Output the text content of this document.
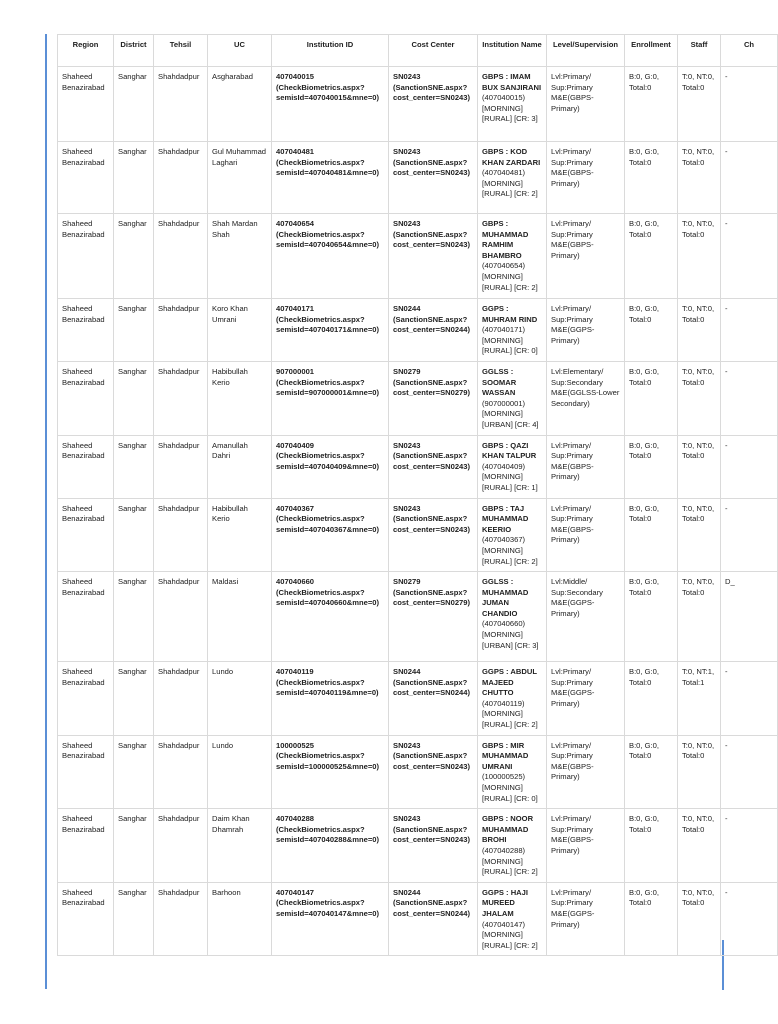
Region	District	Tehsil	UC	Institution ID	Cost Center	Institution Name	Level/Supervision	Enrollment	Staff	Ch
Shaheed Benazirabad	Sanghar	Shahdadpur	Asgharabad	407040015 (CheckBiometrics.aspx?semisId=407040015&mne=0)	SN0243 (SanctionSNE.aspx?cost_center=SN0243)	GBPS : IMAM BUX SANJIRANI (407040015) [MORNING] [RURAL] [CR: 3]	Lvl:Primary/ Sup:Primary M&E(GBPS-Primary)	B:0, G:0, Total:0	T:0, NT:0, Total:0	-
Shaheed Benazirabad	Sanghar	Shahdadpur	Gul Muhammad Laghari	407040481 (CheckBiometrics.aspx?semisId=407040481&mne=0)	SN0243 (SanctionSNE.aspx?cost_center=SN0243)	GBPS : KOD KHAN ZARDARI (407040481) [MORNING] [RURAL] [CR: 2]	Lvl:Primary/ Sup:Primary M&E(GBPS-Primary)	B:0, G:0, Total:0	T:0, NT:0, Total:0	-
Shaheed Benazirabad	Sanghar	Shahdadpur	Shah Mardan Shah	407040654 (CheckBiometrics.aspx?semisId=407040654&mne=0)	SN0243 (SanctionSNE.aspx?cost_center=SN0243)	GBPS : MUHAMMAD RAMHIM BHAMBRO (407040654) [MORNING] [RURAL] [CR: 2]	Lvl:Primary/ Sup:Primary M&E(GBPS-Primary)	B:0, G:0, Total:0	T:0, NT:0, Total:0	-
Shaheed Benazirabad	Sanghar	Shahdadpur	Koro Khan Umrani	407040171 (CheckBiometrics.aspx?semisId=407040171&mne=0)	SN0244 (SanctionSNE.aspx?cost_center=SN0244)	GGPS : MUHRAM RIND (407040171) [MORNING] [RURAL] [CR: 0]	Lvl:Primary/ Sup:Primary M&E(GGPS-Primary)	B:0, G:0, Total:0	T:0, NT:0, Total:0	-
Shaheed Benazirabad	Sanghar	Shahdadpur	Habibullah Kerio	907000001 (CheckBiometrics.aspx?semisId=907000001&mne=0)	SN0279 (SanctionSNE.aspx?cost_center=SN0279)	GGLSS : SOOMAR WASSAN (907000001) [MORNING] [URBAN] [CR: 4]	Lvl:Elementary/ Sup:Secondary M&E(GGLSS-Lower Secondary)	B:0, G:0, Total:0	T:0, NT:0, Total:0	-
Shaheed Benazirabad	Sanghar	Shahdadpur	Amanullah Dahri	407040409 (CheckBiometrics.aspx?semisId=407040409&mne=0)	SN0243 (SanctionSNE.aspx?cost_center=SN0243)	GBPS : QAZI KHAN TALPUR (407040409) [MORNING] [RURAL] [CR: 1]	Lvl:Primary/ Sup:Primary M&E(GBPS-Primary)	B:0, G:0, Total:0	T:0, NT:0, Total:0	-
Shaheed Benazirabad	Sanghar	Shahdadpur	Habibullah Kerio	407040367 (CheckBiometrics.aspx?semisId=407040367&mne=0)	SN0243 (SanctionSNE.aspx?cost_center=SN0243)	GBPS : TAJ MUHAMMAD KEERIO (407040367) [MORNING] [RURAL] [CR: 2]	Lvl:Primary/ Sup:Primary M&E(GBPS-Primary)	B:0, G:0, Total:0	T:0, NT:0, Total:0	-
Shaheed Benazirabad	Sanghar	Shahdadpur	Maldasi	407040660 (CheckBiometrics.aspx?semisId=407040660&mne=0)	SN0279 (SanctionSNE.aspx?cost_center=SN0279)	GGLSS : MUHAMMAD JUMAN CHANDIO (407040660) [MORNING] [URBAN] [CR: 3]	Lvl:Middle/ Sup:Secondary M&E(GGPS-Primary)	B:0, G:0, Total:0	T:0, NT:0, Total:0	D_
Shaheed Benazirabad	Sanghar	Shahdadpur	Lundo	407040119 (CheckBiometrics.aspx?semisId=407040119&mne=0)	SN0244 (SanctionSNE.aspx?cost_center=SN0244)	GGPS : ABDUL MAJEED CHUTTO (407040119) [MORNING] [RURAL] [CR: 2]	Lvl:Primary/ Sup:Primary M&E(GGPS-Primary)	B:0, G:0, Total:0	T:0, NT:1, Total:1	-
Shaheed Benazirabad	Sanghar	Shahdadpur	Lundo	100000525 (CheckBiometrics.aspx?semisId=100000525&mne=0)	SN0243 (SanctionSNE.aspx?cost_center=SN0243)	GBPS : MIR MUHAMMAD UMRANI (100000525) [MORNING] [RURAL] [CR: 0]	Lvl:Primary/ Sup:Primary M&E(GBPS-Primary)	B:0, G:0, Total:0	T:0, NT:0, Total:0	-
Shaheed Benazirabad	Sanghar	Shahdadpur	Daim Khan Dhamrah	407040288 (CheckBiometrics.aspx?semisId=407040288&mne=0)	SN0243 (SanctionSNE.aspx?cost_center=SN0243)	GBPS : NOOR MUHAMMAD BROHI (407040288) [MORNING] [RURAL] [CR: 2]	Lvl:Primary/ Sup:Primary M&E(GBPS-Primary)	B:0, G:0, Total:0	T:0, NT:0, Total:0	-
Shaheed Benazirabad	Sanghar	Shahdadpur	Barhoon	407040147 (CheckBiometrics.aspx?semisId=407040147&mne=0)	SN0244 (SanctionSNE.aspx?cost_center=SN0244)	GGPS : HAJI MUREED JHALAM (407040147) [MORNING] [RURAL] [CR: 2]	Lvl:Primary/ Sup:Primary M&E(GGPS-Primary)	B:0, G:0, Total:0	T:0, NT:0, Total:0	-
